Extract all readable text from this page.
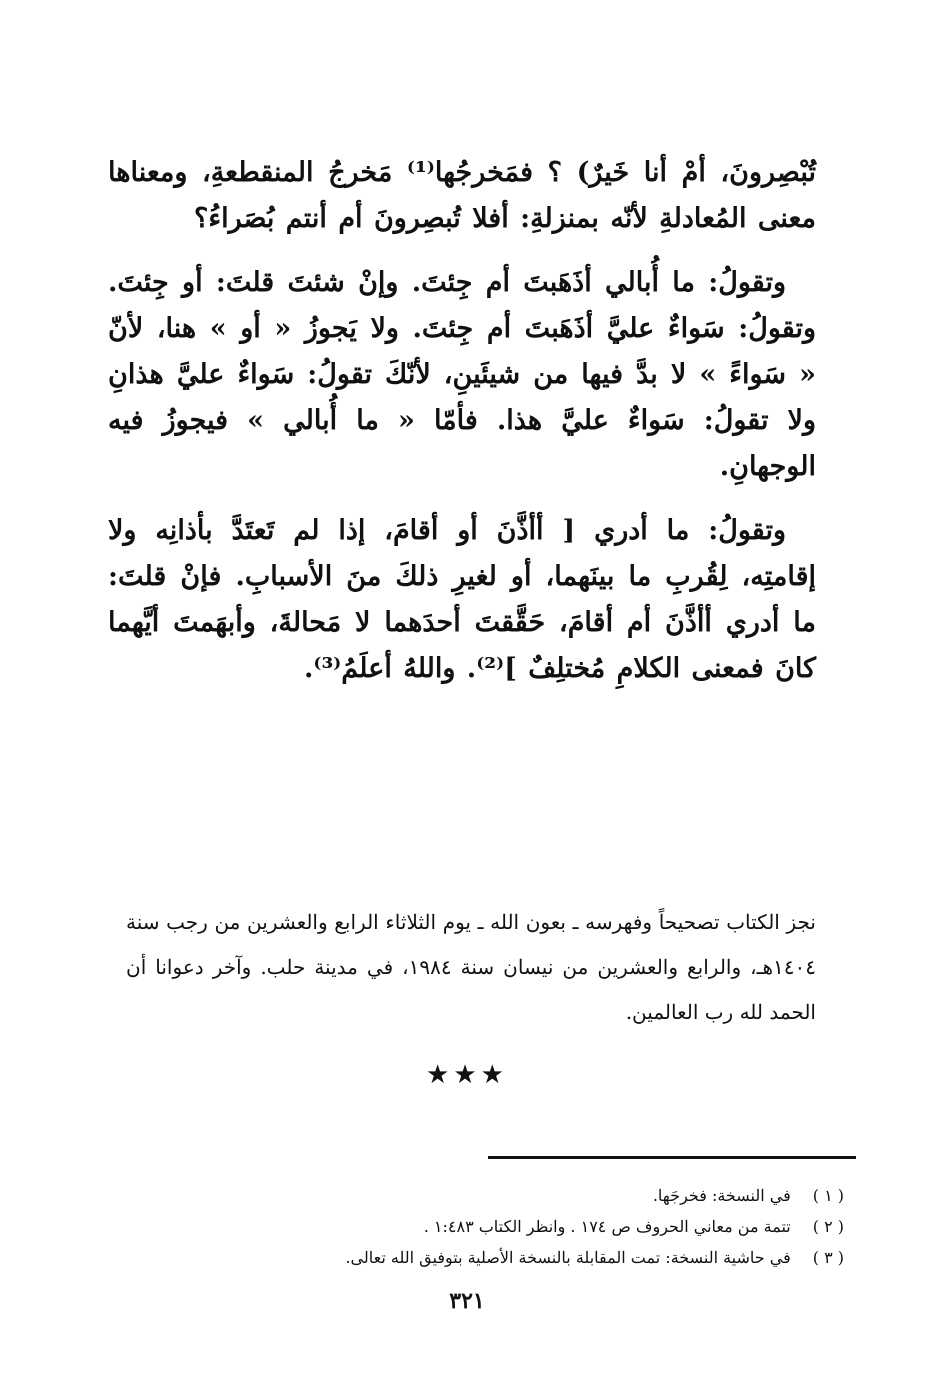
تُبْصِرونَ، أمْ أنا خَيرٌ) ؟ فمَخرجُها⁽¹⁾ مَخرجُ المنقطعةِ، ومعناها معنى المُعادلةِ لأنّه بمنزلةِ: أفلا تُبصِرونَ أم أنتم بُصَراءُ؟

وتقولُ: ما أُبالي أذَهَبتَ أم جِئتَ. وإنْ شئتَ قلتَ: أو جِئتَ. وتقولُ: سَواءٌ عليَّ أذَهَبتَ أم جِئتَ. ولا يَجوزُ « أو » هنا، لأنّ « سَواءً » لا بدَّ فيها من شيئَينِ، لأنّكَ تقولُ: سَواءٌ عليَّ هذانِ ولا تقولُ: سَواءٌ عليَّ هذا. فأمّا « ما أُبالي » فيجوزُ فيه الوجهانِ.

وتقولُ: ما أدري [ أأذَّنَ أو أقامَ، إذا لم تَعتَدَّ بأذانِه ولا إقامتِه، لِقُربِ ما بينَهما، أو لغيرِ ذلكَ منَ الأسبابِ. فإنْ قلتَ: ما أدري أأذَّنَ أم أقامَ، حَقَّقتَ أحدَهما لا مَحالةَ، وأبهَمتَ أيَّهما كانَ فمعنى الكلامِ مُختلِفٌ ]⁽²⁾. واللهُ أعلَمُ⁽³⁾.

نجز الكتاب تصحيحاً وفهرسه ـ بعون الله ـ يوم الثلاثاء الرابع والعشرين من رجب سنة ١٤٠٤هـ، والرابع والعشرين من نيسان سنة ١٩٨٤، في مدينة حلب. وآخر دعوانا أن الحمد لله رب العالمين.
★★★
( ١ )
في النسخة: فخرجَها.
( ٢ )
تتمة من معاني الحروف ص ١٧٤ . وانظر الكتاب ١:٤٨٣ .
( ٣ )
في حاشية النسخة: تمت المقابلة بالنسخة الأصلية بتوفيق الله تعالى.
٣٢١
